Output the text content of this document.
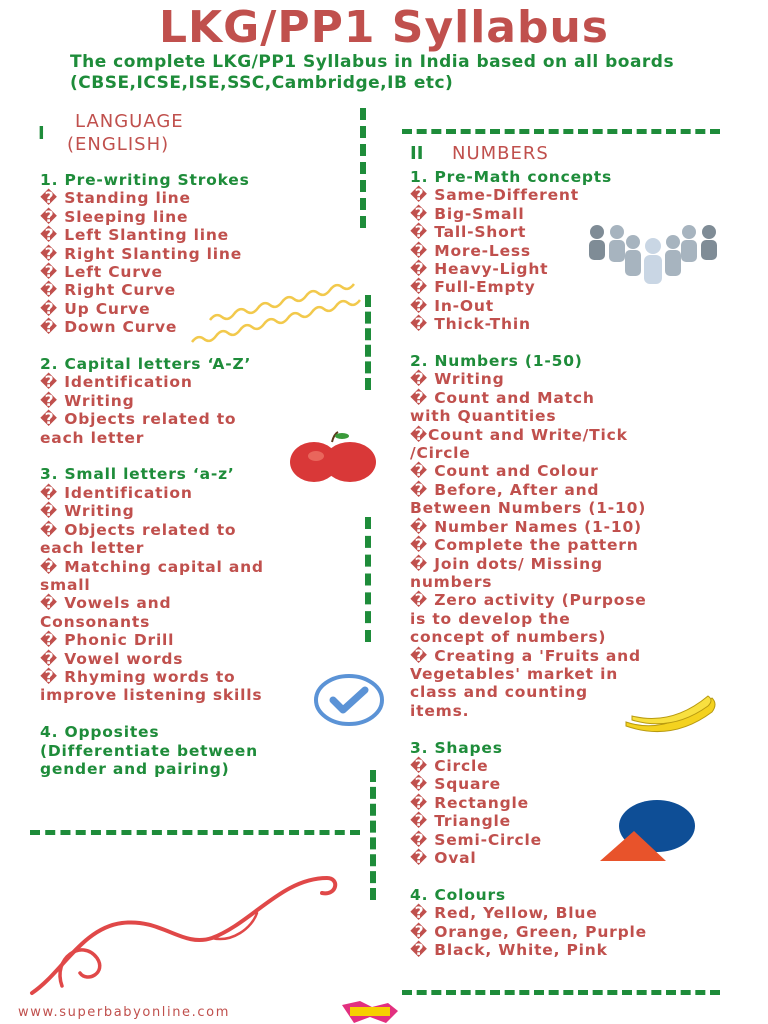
LKG/PP1 Syllabus
The complete LKG/PP1 Syllabus in India based on all boards (CBSE,ICSE,ISE,SSC,Cambridge,IB etc)
I
LANGUAGE
(ENGLISH)	II NUMBERS
1. Pre-writing Strokes
� Standing line
� Sleeping line
� Left Slanting line
� Right Slanting line
� Left Curve
� Right Curve
� Up Curve
� Down Curve
2. Capital letters ‘A-Z’
� Identification
� Writing
� Objects related to
each letter
3. Small letters ‘a-z’
� Identification
� Writing
� Objects related to
each letter
� Matching capital and
small
� Vowels and
Consonants
� Phonic Drill
� Vowel words
� Rhyming words to
improve listening skills
4. Opposites
(Differentiate between
gender and pairing)
1. Pre-Math concepts
� Same-Different
� Big-Small
� Tall-Short
� More-Less
� Heavy-Light
� Full-Empty
� In-Out
� Thick-Thin
2. Numbers (1-50)
� Writing
� Count and Match
with Quantities
�Count and Write/Tick
/Circle
� Count and Colour
� Before, After and
Between Numbers (1-10)
� Number Names (1-10)
� Complete the pattern
� Join dots/ Missing
numbers
� Zero activity (Purpose
is to develop the
concept of numbers)
� Creating a 'Fruits and
Vegetables' market in
class and counting
items.
3. Shapes
� Circle
� Square
� Rectangle
� Triangle
� Semi-Circle
� Oval
4. Colours
� Red, Yellow, Blue
� Orange, Green, Purple
� Black, White, Pink
www.superbabyonline.com
